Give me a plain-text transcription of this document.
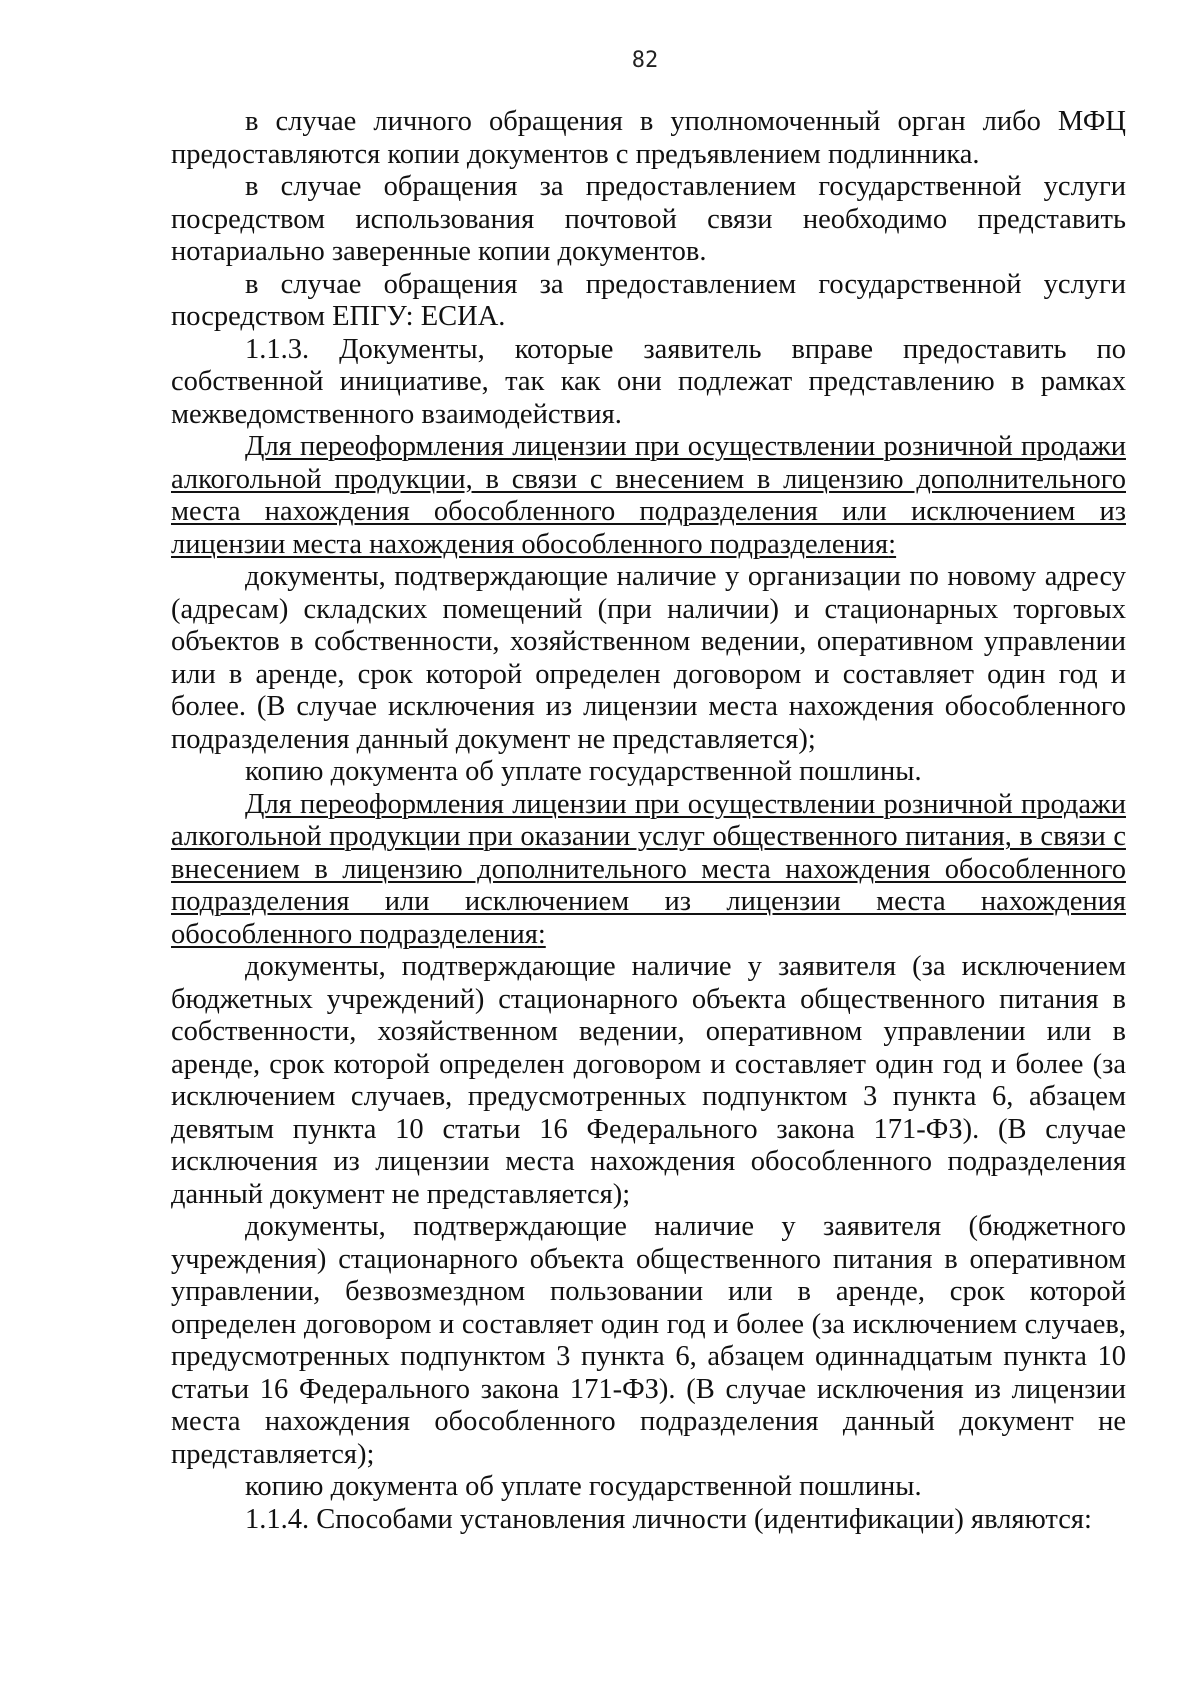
82

в случае личного обращения в уполномоченный орган либо МФЦ предоставляются копии документов с предъявлением подлинника.

в случае обращения за предоставлением государственной услуги посредством использования почтовой связи необходимо представить нотариально заверенные копии документов.

в случае обращения за предоставлением государственной услуги посредством ЕПГУ: ЕСИА.

1.1.3. Документы, которые заявитель вправе предоставить по собственной инициативе, так как они подлежат представлению в рамках межведомственного взаимодействия.

Для переоформления лицензии при осуществлении розничной продажи алкогольной продукции, в связи с внесением в лицензию дополнительного места нахождения обособленного подразделения или исключением из лицензии места нахождения обособленного подразделения:

документы, подтверждающие наличие у организации по новому адресу (адресам) складских помещений (при наличии) и стационарных торговых объектов в собственности, хозяйственном ведении, оперативном управлении или в аренде, срок которой определен договором и составляет один год и более. (В случае исключения из лицензии места нахождения обособленного подразделения данный документ не представляется);

копию документа об уплате государственной пошлины.

Для переоформления лицензии при осуществлении розничной продажи алкогольной продукции при оказании услуг общественного питания, в связи с внесением в лицензию дополнительного места нахождения обособленного подразделения или исключением из лицензии места нахождения обособленного подразделения:

документы, подтверждающие наличие у заявителя (за исключением бюджетных учреждений) стационарного объекта общественного питания в собственности, хозяйственном ведении, оперативном управлении или в аренде, срок которой определен договором и составляет один год и более (за исключением случаев, предусмотренных подпунктом 3 пункта 6, абзацем девятым пункта 10 статьи 16 Федерального закона 171-ФЗ). (В случае исключения из лицензии места нахождения обособленного подразделения данный документ не представляется);

документы, подтверждающие наличие у заявителя (бюджетного учреждения) стационарного объекта общественного питания в оперативном управлении, безвозмездном пользовании или в аренде, срок которой определен договором и составляет один год и более (за исключением случаев, предусмотренных подпунктом 3 пункта 6, абзацем одиннадцатым пункта 10 статьи 16 Федерального закона 171-ФЗ). (В случае исключения из лицензии места нахождения обособленного подразделения данный документ не представляется);

копию документа об уплате государственной пошлины.

1.1.4. Способами установления личности (идентификации) являются:
